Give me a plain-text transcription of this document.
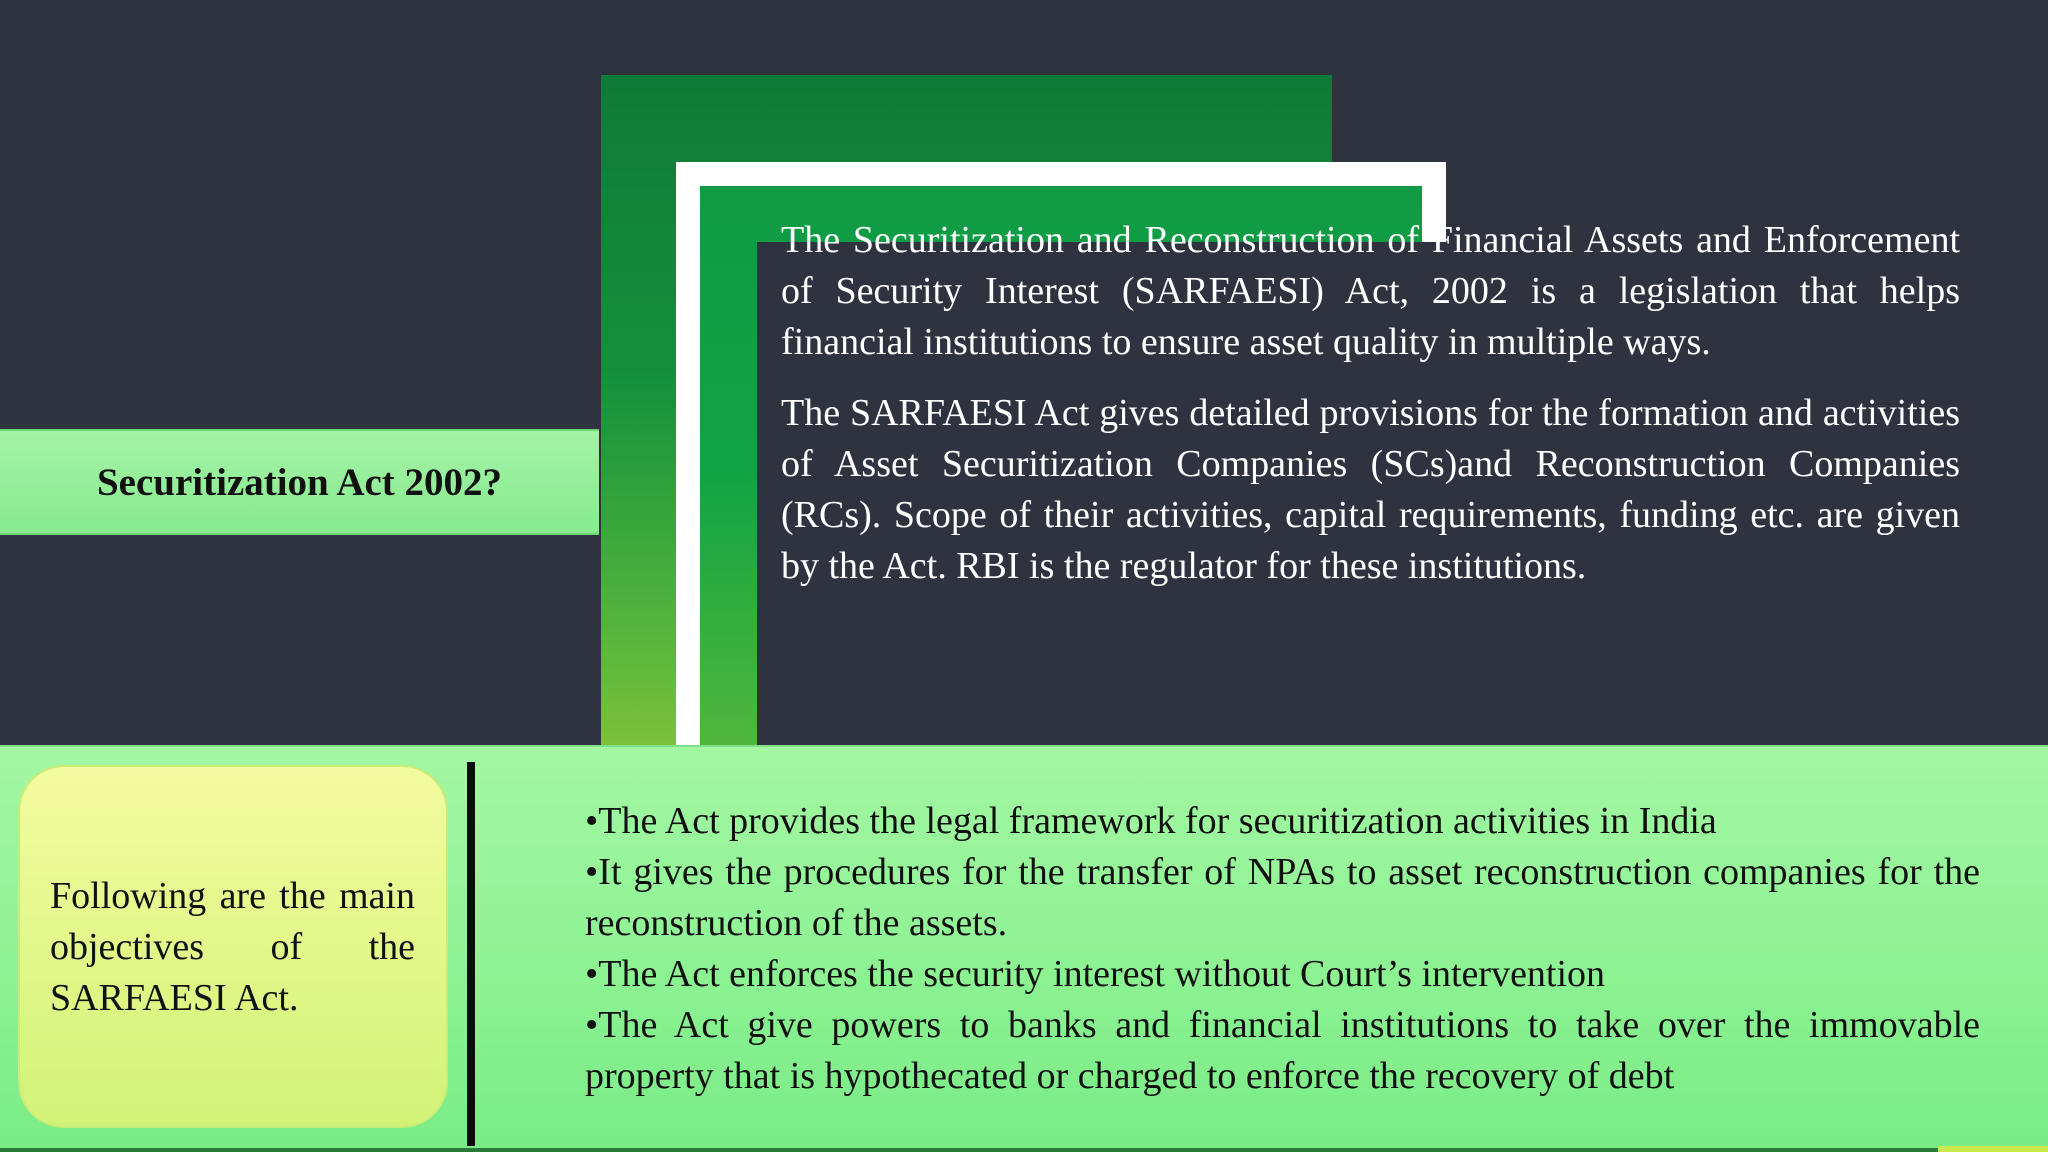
The Securitization and Reconstruction of Financial Assets and Enforcement of Security Interest (SARFAESI) Act, 2002 is a legislation that helps financial institutions to ensure asset quality in multiple ways.

The SARFAESI Act gives detailed provisions for the formation and activities of Asset Securitization Companies (SCs)and Reconstruction Companies (RCs). Scope of their activities, capital requirements, funding etc. are given by the Act. RBI is the regulator for these institutions.

Securitization Act 2002?

Following are the main objectives of the SARFAESI Act.

•The Act provides the legal framework for securitization activities in India
•It gives the procedures for the transfer of NPAs to asset reconstruction companies for the reconstruction of the assets.
•The Act enforces the security interest without Court’s intervention
•The Act give powers to banks and financial institutions to take over the immovable property that is hypothecated or charged to enforce the recovery of debt
